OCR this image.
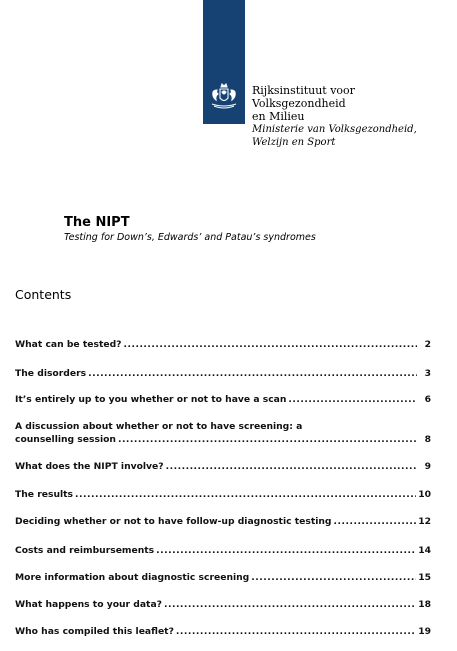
Rijksinstituut voor Volksgezondheid
en Milieu
Ministerie van Volksgezondheid,
Welzijn en Sport
The NIPT
Testing for Down’s, Edwards’ and Patau’s syndromes
Contents
What can be tested? .....	2
The disorders .....	3
It’s entirely up to you whether or not to have a scan .....	6
A discussion about whether or not to have screening: a
counselling session .....	8
What does the NIPT involve? .....	9
The results .....	10
Deciding whether or not to have follow-up diagnostic testing .....	12
Costs and reimbursements .....	14
More information about diagnostic screening .....	15
What happens to your data? .....	18
Who has compiled this leaflet? .....	19
